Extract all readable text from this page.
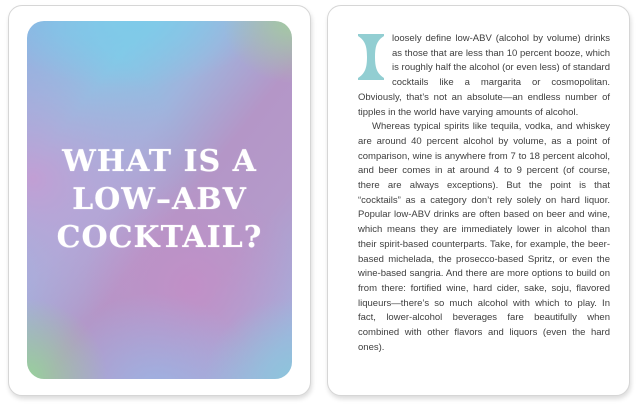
WHAT IS A
LOW–ABV
COCKTAIL?

loosely define low-ABV (alcohol by volume) drinks as those that are less than 10 percent booze, which is roughly half the alcohol (or even less) of standard cocktails like a margarita or cosmopolitan. Obviously, that’s not an absolute—an endless number of tipples in the world have varying amounts of alcohol.

Whereas typical spirits like tequila, vodka, and whiskey are around 40 percent alcohol by volume, as a point of comparison, wine is anywhere from 7 to 18 percent alcohol, and beer comes in at around 4 to 9 percent (of course, there are always exceptions). But the point is that “cocktails” as a category don’t rely solely on hard liquor. Popular low-ABV drinks are often based on beer and wine, which means they are immediately lower in alcohol than their spirit-based counterparts. Take, for example, the beer-based michelada, the prosecco-based Spritz, or even the wine-based sangria. And there are more options to build on from there: fortified wine, hard cider, sake, soju, flavored liqueurs—there’s so much alcohol with which to play. In fact, lower-alcohol beverages fare beautifully when combined with other flavors and liquors (even the hard ones).
